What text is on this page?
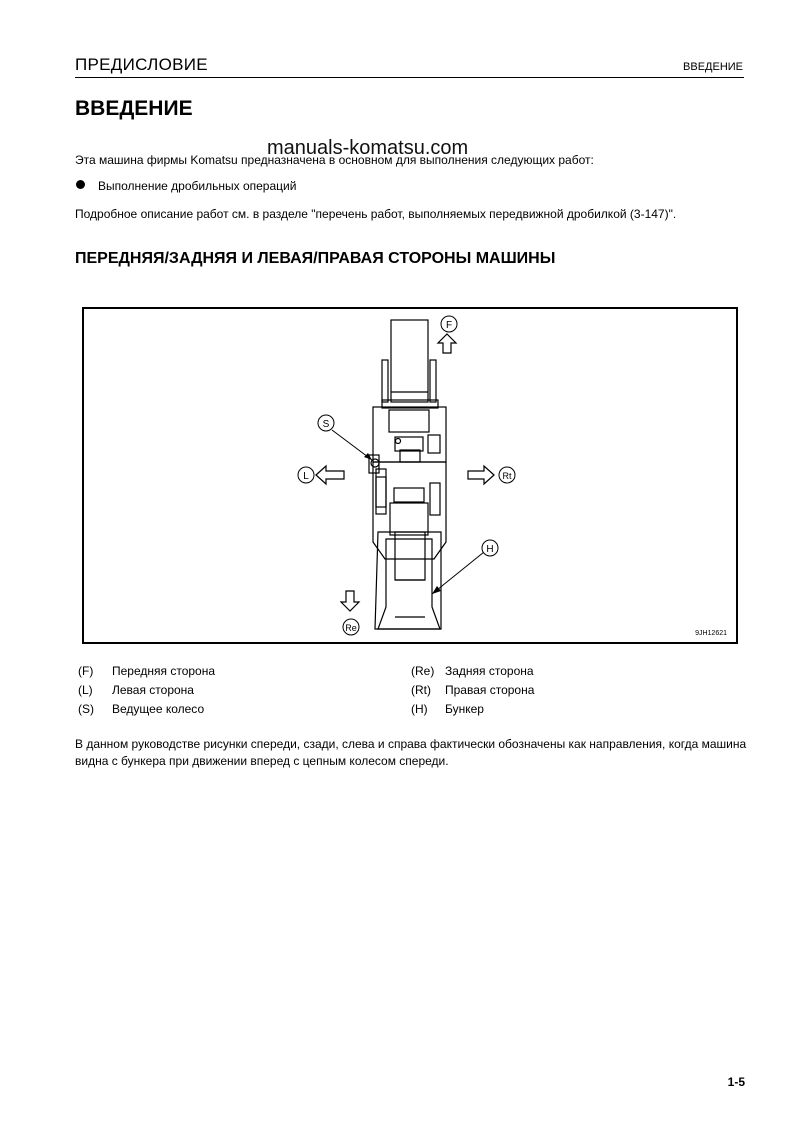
ПРЕДИСЛОВИЕ	ВВЕДЕНИЕ
ВВЕДЕНИЕ
Эта машина фирмы Komatsu предназначена в основном для выполнения следующих работ:
manuals-komatsu.com
Выполнение дробильных операций
Подробное описание работ см. в разделе "перечень работ, выполняемых передвижной дробилкой (3-147)".
ПЕРЕДНЯЯ/ЗАДНЯЯ И ЛЕВАЯ/ПРАВАЯ СТОРОНЫ МАШИНЫ
F
S
L	Rt
H
Re
9JH12621
(F) Передняя сторона	(Re) Задняя сторона
(L) Левая сторона	(Rt) Правая сторона
(S) Ведущее колесо	(H) Бункер
В данном руководстве рисунки спереди, сзади, слева и справа фактически обозначены как направления, когда машина видна с бункера при движении вперед с цепным колесом спереди.
1-5
